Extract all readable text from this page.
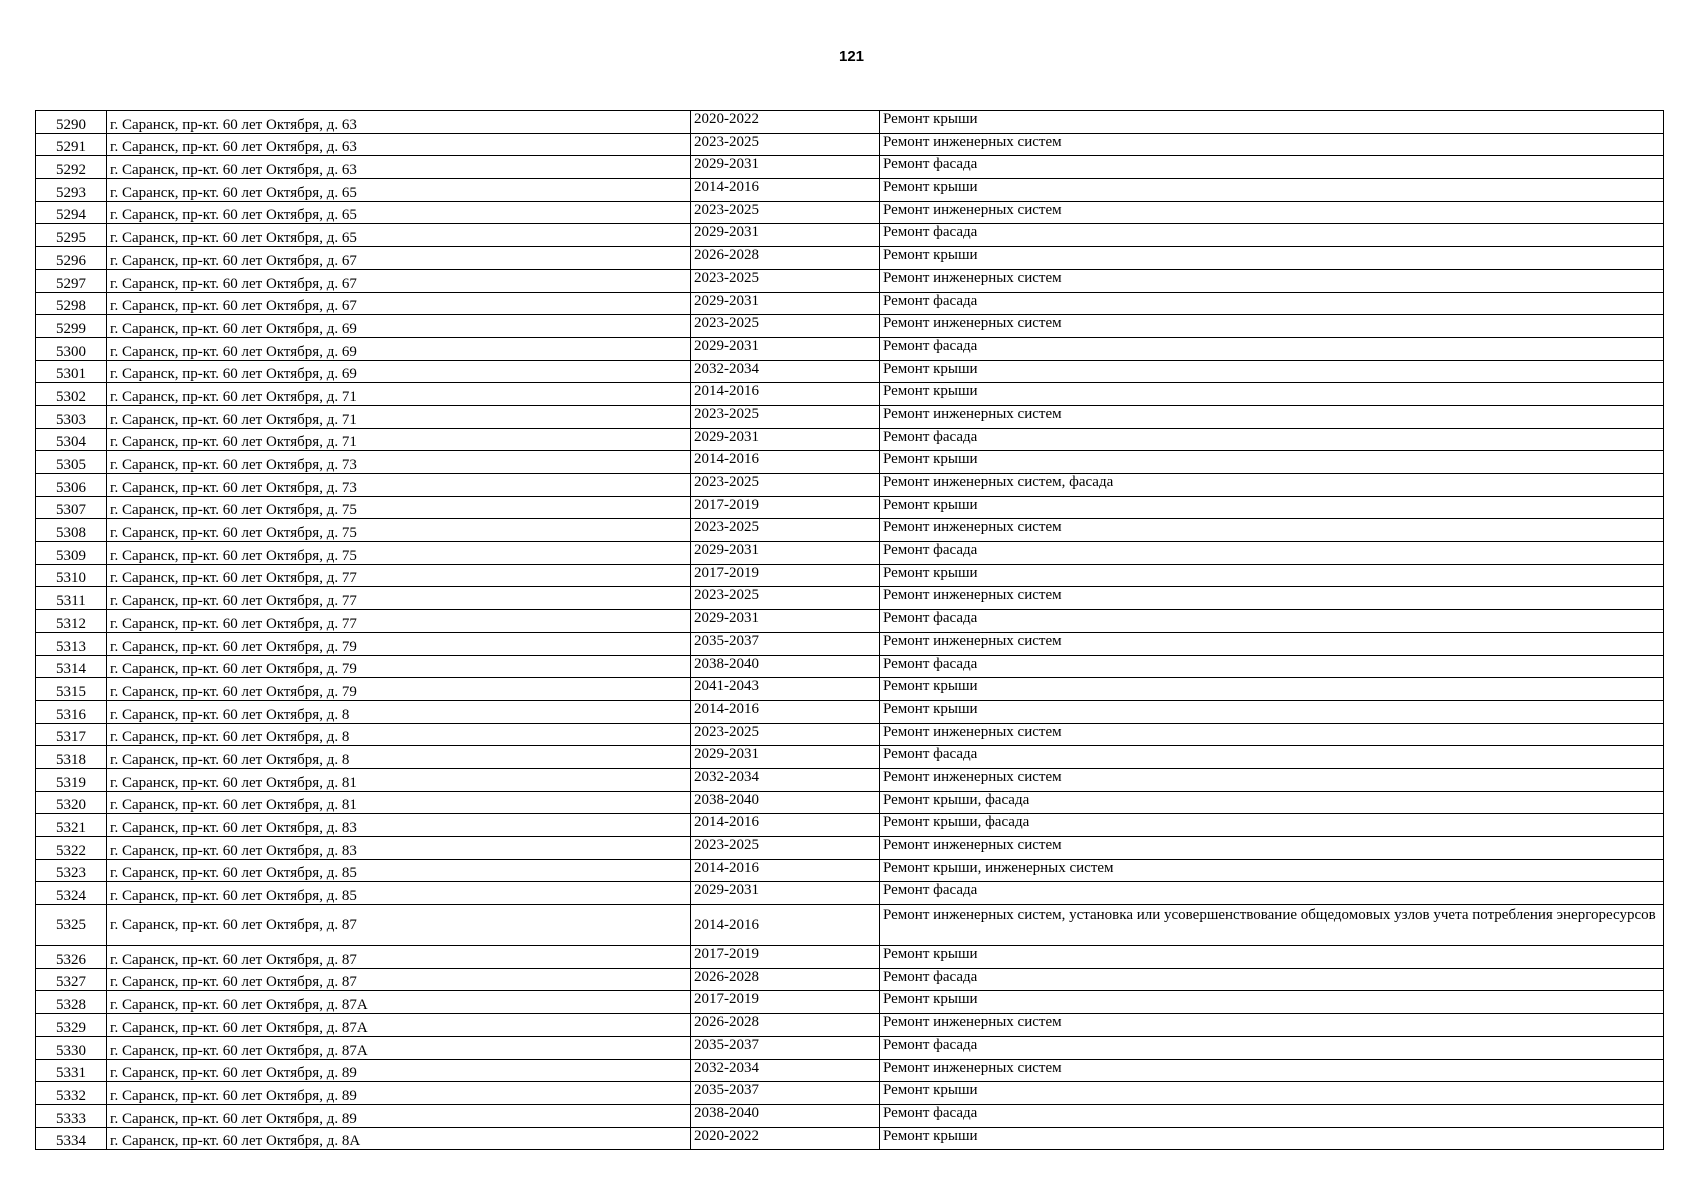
121
5290	г. Саранск, пр-кт. 60 лет Октября, д. 63	2020-2022	Ремонт крыши
5291	г. Саранск, пр-кт. 60 лет Октября, д. 63	2023-2025	Ремонт инженерных систем
5292	г. Саранск, пр-кт. 60 лет Октября, д. 63	2029-2031	Ремонт фасада
5293	г. Саранск, пр-кт. 60 лет Октября, д. 65	2014-2016	Ремонт крыши
5294	г. Саранск, пр-кт. 60 лет Октября, д. 65	2023-2025	Ремонт инженерных систем
5295	г. Саранск, пр-кт. 60 лет Октября, д. 65	2029-2031	Ремонт фасада
5296	г. Саранск, пр-кт. 60 лет Октября, д. 67	2026-2028	Ремонт крыши
5297	г. Саранск, пр-кт. 60 лет Октября, д. 67	2023-2025	Ремонт инженерных систем
5298	г. Саранск, пр-кт. 60 лет Октября, д. 67	2029-2031	Ремонт фасада
5299	г. Саранск, пр-кт. 60 лет Октября, д. 69	2023-2025	Ремонт инженерных систем
5300	г. Саранск, пр-кт. 60 лет Октября, д. 69	2029-2031	Ремонт фасада
5301	г. Саранск, пр-кт. 60 лет Октября, д. 69	2032-2034	Ремонт крыши
5302	г. Саранск, пр-кт. 60 лет Октября, д. 71	2014-2016	Ремонт крыши
5303	г. Саранск, пр-кт. 60 лет Октября, д. 71	2023-2025	Ремонт инженерных систем
5304	г. Саранск, пр-кт. 60 лет Октября, д. 71	2029-2031	Ремонт фасада
5305	г. Саранск, пр-кт. 60 лет Октября, д. 73	2014-2016	Ремонт крыши
5306	г. Саранск, пр-кт. 60 лет Октября, д. 73	2023-2025	Ремонт инженерных систем, фасада
5307	г. Саранск, пр-кт. 60 лет Октября, д. 75	2017-2019	Ремонт крыши
5308	г. Саранск, пр-кт. 60 лет Октября, д. 75	2023-2025	Ремонт инженерных систем
5309	г. Саранск, пр-кт. 60 лет Октября, д. 75	2029-2031	Ремонт фасада
5310	г. Саранск, пр-кт. 60 лет Октября, д. 77	2017-2019	Ремонт крыши
5311	г. Саранск, пр-кт. 60 лет Октября, д. 77	2023-2025	Ремонт инженерных систем
5312	г. Саранск, пр-кт. 60 лет Октября, д. 77	2029-2031	Ремонт фасада
5313	г. Саранск, пр-кт. 60 лет Октября, д. 79	2035-2037	Ремонт инженерных систем
5314	г. Саранск, пр-кт. 60 лет Октября, д. 79	2038-2040	Ремонт фасада
5315	г. Саранск, пр-кт. 60 лет Октября, д. 79	2041-2043	Ремонт крыши
5316	г. Саранск, пр-кт. 60 лет Октября, д. 8	2014-2016	Ремонт крыши
5317	г. Саранск, пр-кт. 60 лет Октября, д. 8	2023-2025	Ремонт инженерных систем
5318	г. Саранск, пр-кт. 60 лет Октября, д. 8	2029-2031	Ремонт фасада
5319	г. Саранск, пр-кт. 60 лет Октября, д. 81	2032-2034	Ремонт инженерных систем
5320	г. Саранск, пр-кт. 60 лет Октября, д. 81	2038-2040	Ремонт крыши, фасада
5321	г. Саранск, пр-кт. 60 лет Октября, д. 83	2014-2016	Ремонт крыши, фасада
5322	г. Саранск, пр-кт. 60 лет Октября, д. 83	2023-2025	Ремонт инженерных систем
5323	г. Саранск, пр-кт. 60 лет Октября, д. 85	2014-2016	Ремонт крыши, инженерных систем
5324	г. Саранск, пр-кт. 60 лет Октября, д. 85	2029-2031	Ремонт фасада
5325	г. Саранск, пр-кт. 60 лет Октября, д. 87	2014-2016	Ремонт инженерных систем, установка или усовершенствование общедомовых узлов учета потребления энергоресурсов
5326	г. Саранск, пр-кт. 60 лет Октября, д. 87	2017-2019	Ремонт крыши
5327	г. Саранск, пр-кт. 60 лет Октября, д. 87	2026-2028	Ремонт фасада
5328	г. Саранск, пр-кт. 60 лет Октября, д. 87А	2017-2019	Ремонт крыши
5329	г. Саранск, пр-кт. 60 лет Октября, д. 87А	2026-2028	Ремонт инженерных систем
5330	г. Саранск, пр-кт. 60 лет Октября, д. 87А	2035-2037	Ремонт фасада
5331	г. Саранск, пр-кт. 60 лет Октября, д. 89	2032-2034	Ремонт инженерных систем
5332	г. Саранск, пр-кт. 60 лет Октября, д. 89	2035-2037	Ремонт крыши
5333	г. Саранск, пр-кт. 60 лет Октября, д. 89	2038-2040	Ремонт фасада
5334	г. Саранск, пр-кт. 60 лет Октября, д. 8А	2020-2022	Ремонт крыши
